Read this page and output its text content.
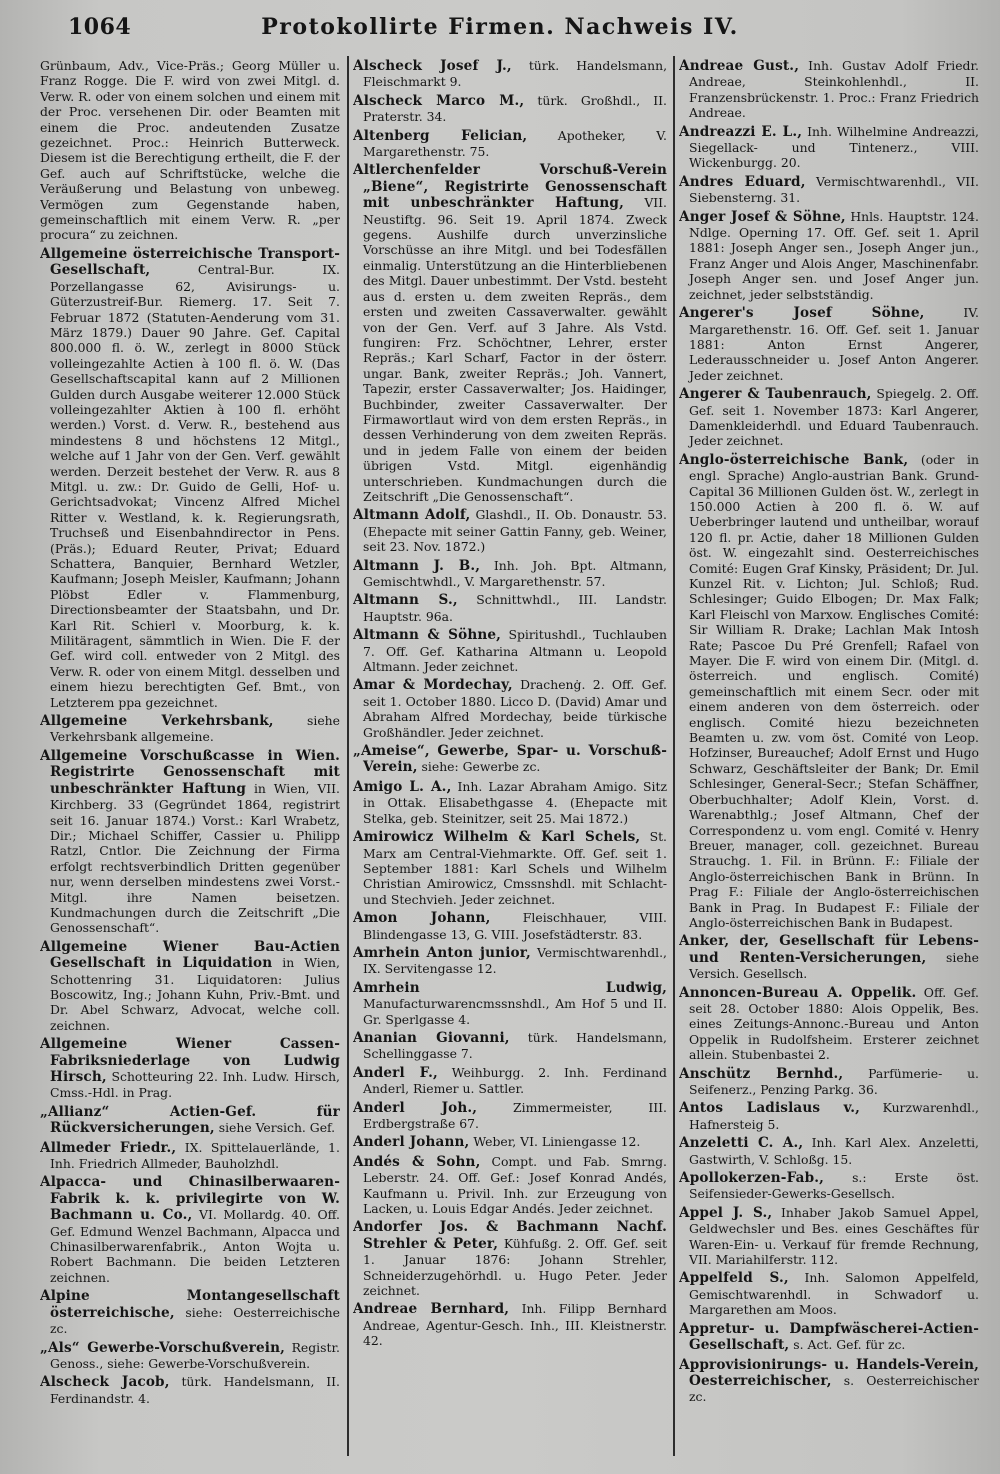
1064	Protokollirte Firmen. Nachweis IV.

Grünbaum, Adv., Vice-Präs.; Georg Müller u. Franz Rogge. Die F. wird von zwei Mitgl. d. Verw. R. oder von einem solchen und einem mit der Proc. versehenen Dir. oder Beamten mit einem die Proc. andeutenden Zusatze gezeichnet. Proc.: Heinrich Butterweck. Diesem ist die Berechtigung ertheilt, die F. der Gef. auch auf Schriftstücke, welche die Veräußerung und Belastung von unbeweg. Vermögen zum Gegenstande haben, gemeinschaftlich mit einem Verw. R. „per procura“ zu zeichnen.

Allgemeine österreichische Transport-Gesellschaft,	Central-Bur. IX. Porzellangasse 62, Avisirungs- u. Güterzustreif-Bur. Riemerg. 17. Seit 7. Februar 1872 (Statuten-Aenderung vom 31. März 1879.) Dauer 90 Jahre. Gef. Capital 800.000 fl. ö. W., zerlegt in 8000 Stück volleingezahlte Actien à 100 fl. ö. W. (Das Gesellschaftscapital kann auf 2 Millionen Gulden durch Ausgabe weiterer 12.000 Stück volleingezahlter Aktien à 100 fl. erhöht werden.) Vorst. d. Verw. R., bestehend aus mindestens 8 und höchstens 12 Mitgl., welche auf 1 Jahr von der Gen. Verf. gewählt werden. Derzeit bestehet der Verw. R. aus 8 Mitgl. u. zw.: Dr. Guido de Gelli, Hof- u. Gerichtsadvokat; Vincenz Alfred Michel Ritter v. Westland, k. k. Regierungsrath, Truchseß und Eisenbahndirector in Pens. (Präs.); Eduard Reuter, Privat; Eduard Schattera, Banquier, Bernhard Wetzler, Kaufmann; Joseph Meisler, Kaufmann; Johann Plöbst Edler v. Flammenburg, Directionsbeamter der Staatsbahn, und Dr. Karl Rit. Schierl v. Moorburg, k. k. Militäragent, sämmtlich in Wien. Die F. der Gef. wird coll. entweder von 2 Mitgl. des Verw. R. oder von einem Mitgl. desselben und einem hiezu berechtigten Gef. Bmt., von Letzterem ppa gezeichnet.

Allgemeine Verkehrsbank,	siehe Verkehrsbank allgemeine.

Allgemeine Vorschußcasse in Wien. Registrirte Genossenschaft mit unbeschränkter Haftung in Wien, VII. Kirchberg. 33 (Gegründet 1864, registrirt seit 16. Januar 1874.) Vorst.: Karl Wrabetz, Dir.; Michael Schiffer, Cassier u. Philipp Ratzl, Cntlor. Die Zeichnung der Firma erfolgt rechtsverbindlich Dritten gegenüber nur, wenn derselben mindestens zwei Vorst.-Mitgl. ihre Namen beisetzen. Kundmachungen durch die Zeitschrift „Die Genossenschaft“.

Allgemeine Wiener Bau-Actien Gesellschaft in Liquidation in Wien, Schottenring 31. Liquidatoren: Julius Boscowitz, Ing.; Johann Kuhn, Priv.-Bmt. und Dr. Abel Schwarz, Advocat, welche coll. zeichnen.

Allgemeine Wiener Cassen-Fabriksniederlage von Ludwig Hirsch, Schotteuring 22. Inh. Ludw. Hirsch, Cmss.-Hdl. in Prag.

„Allianz“ Actien-Gef. für Rückversicherungen, siehe Versich. Gef.

Allmeder Friedr., IX. Spittelauerlände, 1. Inh. Friedrich Allmeder, Bauholzhdl.

Alpacca- und Chinasilberwaaren-Fabrik k. k. privilegirte von W. Bachmann u. Co., VI. Mollardg. 40. Off. Gef. Edmund Wenzel Bachmann, Alpacca und Chinasilberwarenfabrik., Anton Wojta u. Robert Bachmann. Die beiden Letzteren zeichnen.

Alpine Montangesellschaft österreichische, siehe: Oesterreichische zc.

„Als“ Gewerbe-Vorschußverein, Registr. Genoss., siehe: Gewerbe-Vorschußverein.

Alscheck Jacob, türk. Handelsmann, II. Ferdinandstr. 4.

Alscheck Josef J., türk. Handelsmann, Fleischmarkt 9.

Alscheck Marco M., türk. Großhdl., II. Praterstr. 34.

Altenberg Felician, Apotheker, V. Margarethenstr. 75.

Altlerchenfelder Vorschuß-Verein „Biene“, Registrirte Genossenschaft mit unbeschränkter Haftung, VII. Neustiftg. 96. Seit 19. April 1874. Zweck gegens. Aushilfe durch unverzinsliche Vorschüsse an ihre Mitgl. und bei Todesfällen einmalig. Unterstützung an die Hinterbliebenen des Mitgl. Dauer unbestimmt. Der Vstd. besteht aus d. ersten u. dem zweiten Repräs., dem ersten und zweiten Cassaverwalter. gewählt von der Gen. Verf. auf 3 Jahre. Als Vstd. fungiren: Frz. Schöchtner, Lehrer, erster Repräs.; Karl Scharf, Factor in der österr. ungar. Bank, zweiter Repräs.; Joh. Vannert, Tapezir, erster Cassaverwalter; Jos. Haidinger, Buchbinder, zweiter Cassaverwalter. Der Firmawortlaut wird von dem ersten Repräs., in dessen Verhinderung von dem zweiten Repräs. und in jedem Falle von einem der beiden übrigen Vstd. Mitgl. eigenhändig unterschrieben. Kundmachungen durch die Zeitschrift „Die Genossenschaft“.

Altmann Adolf, Glashdl., II. Ob. Donaustr. 53. (Ehepacte mit seiner Gattin Fanny, geb. Weiner, seit 23. Nov. 1872.)

Altmann J. B., Inh. Joh. Bpt. Altmann, Gemischtwhdl., V. Margarethenstr. 57.

Altmann S., Schnittwhdl., III. Landstr. Hauptstr. 96a.

Altmann & Söhne, Spiritushdl., Tuchlauben 7. Off. Gef. Katharina Altmann u. Leopold Altmann. Jeder zeichnet.

Amar & Mordechay, Drachenġ. 2. Off. Gef. seit 1. October 1880. Licco D. (David) Amar und Abraham Alfred Mordechay, beide türkische Großhändler. Jeder zeichnet.

„Ameise“, Gewerbe, Spar- u. Vorschuß-Verein, siehe: Gewerbe zc.

Amigo L. A., Inh. Lazar Abraham Amigo. Sitz in Ottak. Elisabethgasse 4. (Ehepacte mit Stelka, geb. Steinitzer, seit 25. Mai 1872.)

Amirowicz Wilhelm & Karl Schels, St. Marx am Central-Viehmarkte. Off. Gef. seit 1. September 1881: Karl Schels und Wilhelm Christian Amirowicz, Cmssnshdl. mit Schlacht- und Stechvieh. Jeder zeichnet.

Amon Johann,	Fleischhauer, VIII. Blindengasse 13, G. VIII. Josefstädterstr. 83.

Amrhein Anton junior, Vermischtwarenhdl., IX. Servitengasse 12.

Amrhein Ludwig, Manufacturwarencmssnshdl., Am Hof 5 und II. Gr. Sperlgasse 4.

Ananian Giovanni, türk. Handelsmann, Schellinggasse 7.

Anderl F., Weihburgg. 2. Inh. Ferdinand Anderl, Riemer u. Sattler.

Anderl Joh.,	Zimmermeister, III. Erdbergstraße 67.

Anderl Johann, Weber, VI. Liniengasse 12.

Andés & Sohn, Compt. und Fab. Smrng. Leberstr. 24. Off. Gef.: Josef Konrad Andés, Kaufmann u. Privil. Inh. zur Erzeugung von Lacken, u. Louis Edgar Andés. Jeder zeichnet.

Andorfer Jos. & Bachmann Nachf. Strehler & Peter, Kühfußg. 2. Off. Gef. seit 1. Januar 1876: Johann Strehler, Schneiderzugehörhdl. u. Hugo Peter. Jeder zeichnet.

Andreae Bernhard, Inh. Filipp Bernhard Andreae, Agentur-Gesch. Inh., III. Kleistnerstr. 42.

Andreae Gust., Inh. Gustav Adolf Friedr. Andreae, Steinkohlenhdl., II. Franzensbrückenstr. 1. Proc.: Franz Friedrich Andreae.

Andreazzi E. L., Inh. Wilhelmine Andreazzi, Siegellack- und Tintenerz., VIII. Wickenburgg. 20.

Andres Eduard, Vermischtwarenhdl., VII. Siebensterng. 31.

Anger Josef & Söhne, Hnls. Hauptstr. 124. Ndlge. Operning 17. Off. Gef. seit 1. April 1881: Joseph Anger sen., Joseph Anger jun., Franz Anger und Alois Anger, Maschinenfabr. Joseph Anger sen. und Josef Anger jun. zeichnet, jeder selbstständig.

Angerer's Josef Söhne,	IV. Margarethenstr. 16. Off. Gef. seit 1. Januar 1881: Anton Ernst Angerer, Lederausschneider u. Josef Anton Angerer. Jeder zeichnet.

Angerer & Taubenrauch, Spiegelg. 2. Off. Gef. seit 1. November 1873: Karl Angerer, Damenkleiderhdl. und Eduard Taubenrauch. Jeder zeichnet.

Anglo-österreichische Bank, (oder in engl. Sprache) Anglo-austrian Bank. Grund-Capital 36 Millionen Gulden öst. W., zerlegt in 150.000 Actien à 200 fl. ö. W. auf Ueberbringer lautend und untheilbar, worauf 120 fl. pr. Actie, daher 18 Millionen Gulden öst. W. eingezahlt sind. Oesterreichisches Comité: Eugen Graf Kinsky, Präsident; Dr. Jul. Kunzel Rit. v. Lichton; Jul. Schloß; Rud. Schlesinger; Guido Elbogen; Dr. Max Falk; Karl Fleischl von Marxow. Englisches Comité: Sir William R. Drake; Lachlan Mak Intosh Rate; Pascoe Du Pré Grenfell; Rafael von Mayer. Die F. wird von einem Dir. (Mitgl. d. österreich. und englisch. Comité) gemeinschaftlich mit einem Secr. oder mit einem anderen von dem österreich. oder englisch. Comité hiezu bezeichneten Beamten u. zw. vom öst. Comité von Leop. Hofzinser, Bureauchef; Adolf Ernst und Hugo Schwarz, Geschäftsleiter der Bank; Dr. Emil Schlesinger, General-Secr.; Stefan Schäffner, Oberbuchhalter; Adolf Klein, Vorst. d. Warenabthlg.; Josef Altmann, Chef der Correspondenz u. vom engl. Comité v. Henry Breuer, manager, coll. gezeichnet. Bureau Strauchg. 1. Fil. in Brünn. F.: Filiale der Anglo-österreichischen Bank in Brünn. In Prag F.: Filiale der Anglo-österreichischen Bank in Prag. In Budapest F.: Filiale der Anglo-österreichischen Bank in Budapest.

Anker, der, Gesellschaft für Lebens- und Renten-Versicherungen, siehe Versich. Gesellsch.

Annoncen-Bureau A. Oppelik. Off. Gef. seit 28. October 1880: Alois Oppelik, Bes. eines Zeitungs-Annonc.-Bureau und Anton Oppelik in Rudolfsheim. Ersterer zeichnet allein. Stubenbastei 2.

Anschütz Bernhd., Parfümerie- u. Seifenerz., Penzing Parkg. 36.

Antos Ladislaus v., Kurzwarenhdl., Hafnersteig 5.

Anzeletti C. A., Inh. Karl Alex. Anzeletti, Gastwirth, V. Schloßg. 15.

Apollokerzen-Fab., s.: Erste öst. Seifensieder-Gewerks-Gesellsch.

Appel J. S., Inhaber Jakob Samuel Appel, Geldwechsler und Bes. eines Geschäftes für Waren-Ein- u. Verkauf für fremde Rechnung, VII. Mariahilferstr. 112.

Appelfeld S., Inh. Salomon Appelfeld, Gemischtwarenhdl. in Schwadorf u. Margarethen am Moos.

Appretur- u. Dampfwäscherei-Actien-Gesellschaft, s. Act. Gef. für zc.

Approvisionirungs- u. Handels-Verein, Oesterreichischer, s. Oesterreichischer zc.
